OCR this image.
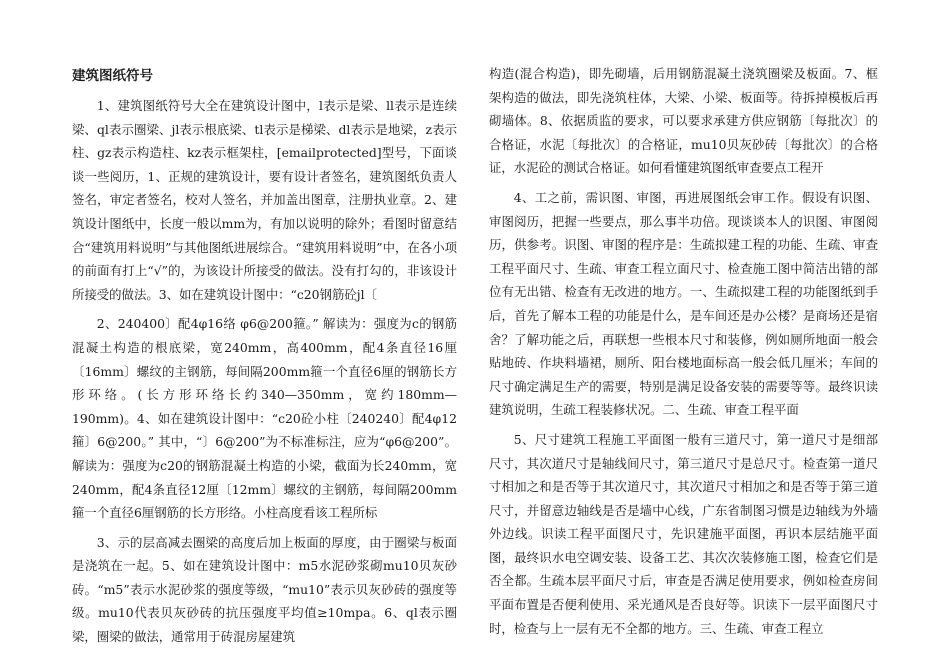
建筑图纸符号

1、建筑图纸符号大全在建筑设计图中，l表示是梁、ll表示是连续梁、ql表示圈梁、jl表示根底梁、tl表示是梯梁、dl表示是地梁，z表示柱、gz表示构造柱、kz表示框架柱，[emailprotected]型号，下面谈谈一些阅历，1、正规的建筑设计，要有设计者签名，建筑图纸负责人签名，审定者签名，校对人签名，并加盖出图章，注册执业章。2、建筑设计图纸中，长度一般以mm为，有加以说明的除外；看图时留意结合“建筑用料说明”与其他图纸进展综合。“建筑用料说明”中，在各小项的前面有打上“√”的，为该设计所接受的做法。没有打勾的，非该设计所接受的做法。3、如在建筑设计图中：“c20钢筋砼jl〔

2、240400〕配4φ16络 φ6@200箍。” 解读为：强度为c的钢筋混凝土构造的根底梁，宽240mm，高400mm，配4条直径16厘〔16mm〕螺纹的主钢筋，每间隔200mm箍一个直径6厘的钢筋长方形环络。(长方形环络长约340—350mm，宽约180mm—190mm)。4、如在建筑设计图中：“c20砼小柱〔240240〕配4φ12箍〕6@200。” 其中，“〕6@200”为不标准标注，应为“φ6@200”。解读为：强度为c20的钢筋混凝土构造的小梁，截面为长240mm，宽240mm，配4条直径12厘〔12mm〕螺纹的主钢筋，每间隔200mm箍一个直径6厘钢筋的长方形络。小柱高度看该工程所标

3、示的层高减去圈梁的高度后加上板面的厚度，由于圈梁与板面是浇筑在一起。5、如在建筑设计图中：m5水泥砂浆砌mu10贝灰砂砖。“m5”表示水泥砂浆的强度等级，“mu10”表示贝灰砂砖的强度等级。mu10代表贝灰砂砖的抗压强度平均值≥10mpa。6、ql表示圈梁，圈梁的做法，通常用于砖混房屋建筑

构造(混合构造)，即先砌墙，后用钢筋混凝土浇筑圈梁及板面。7、框架构造的做法，即先浇筑柱体，大梁、小梁、板面等。待拆掉模板后再砌墙体。8、依据质监的要求，可以要求承建方供应钢筋〔每批次〕的合格证，水泥〔每批次〕的合格证，mu10贝灰砂砖〔每批次〕的合格证，水泥砼的测试合格证。如何看懂建筑图纸审查要点工程开

4、工之前，需识图、审图，再进展图纸会审工作。假设有识图、审图阅历，把握一些要点，那么事半功倍。现谈谈本人的识图、审图阅历，供参考。识图、审图的程序是：生疏拟建工程的功能、生疏、审查工程平面尺寸、生疏、审查工程立面尺寸、检查施工图中简洁出错的部位有无出错、检查有无改进的地方。一、生疏拟建工程的功能图纸到手后，首先了解本工程的功能是什么，是车间还是办公楼？是商场还是宿舍？了解功能之后，再联想一些根本尺寸和装修，例如厕所地面一般会贴地砖、作块料墙裙，厕所、阳台楼地面标高一般会低几厘米；车间的尺寸确定满足生产的需要，特别是满足设备安装的需要等等。最终识读建筑说明，生疏工程装修状况。二、生疏、审查工程平面

5、尺寸建筑工程施工平面图一般有三道尺寸，第一道尺寸是细部尺寸，其次道尺寸是轴线间尺寸，第三道尺寸是总尺寸。检查第一道尺寸相加之和是否等于其次道尺寸，其次道尺寸相加之和是否等于第三道尺寸，并留意边轴线是否是墙中心线，广东省制图习惯是边轴线为外墙外边线。识读工程平面图尺寸，先识建施平面图，再识本层结施平面图，最终识水电空调安装、设备工艺、其次次装修施工图，检查它们是否全都。生疏本层平面尺寸后，审查是否满足使用要求，例如检查房间平面布置是否便利使用、采光通风是否良好等。识读下一层平面图尺寸时，检查与上一层有无不全都的地方。三、生疏、审查工程立
